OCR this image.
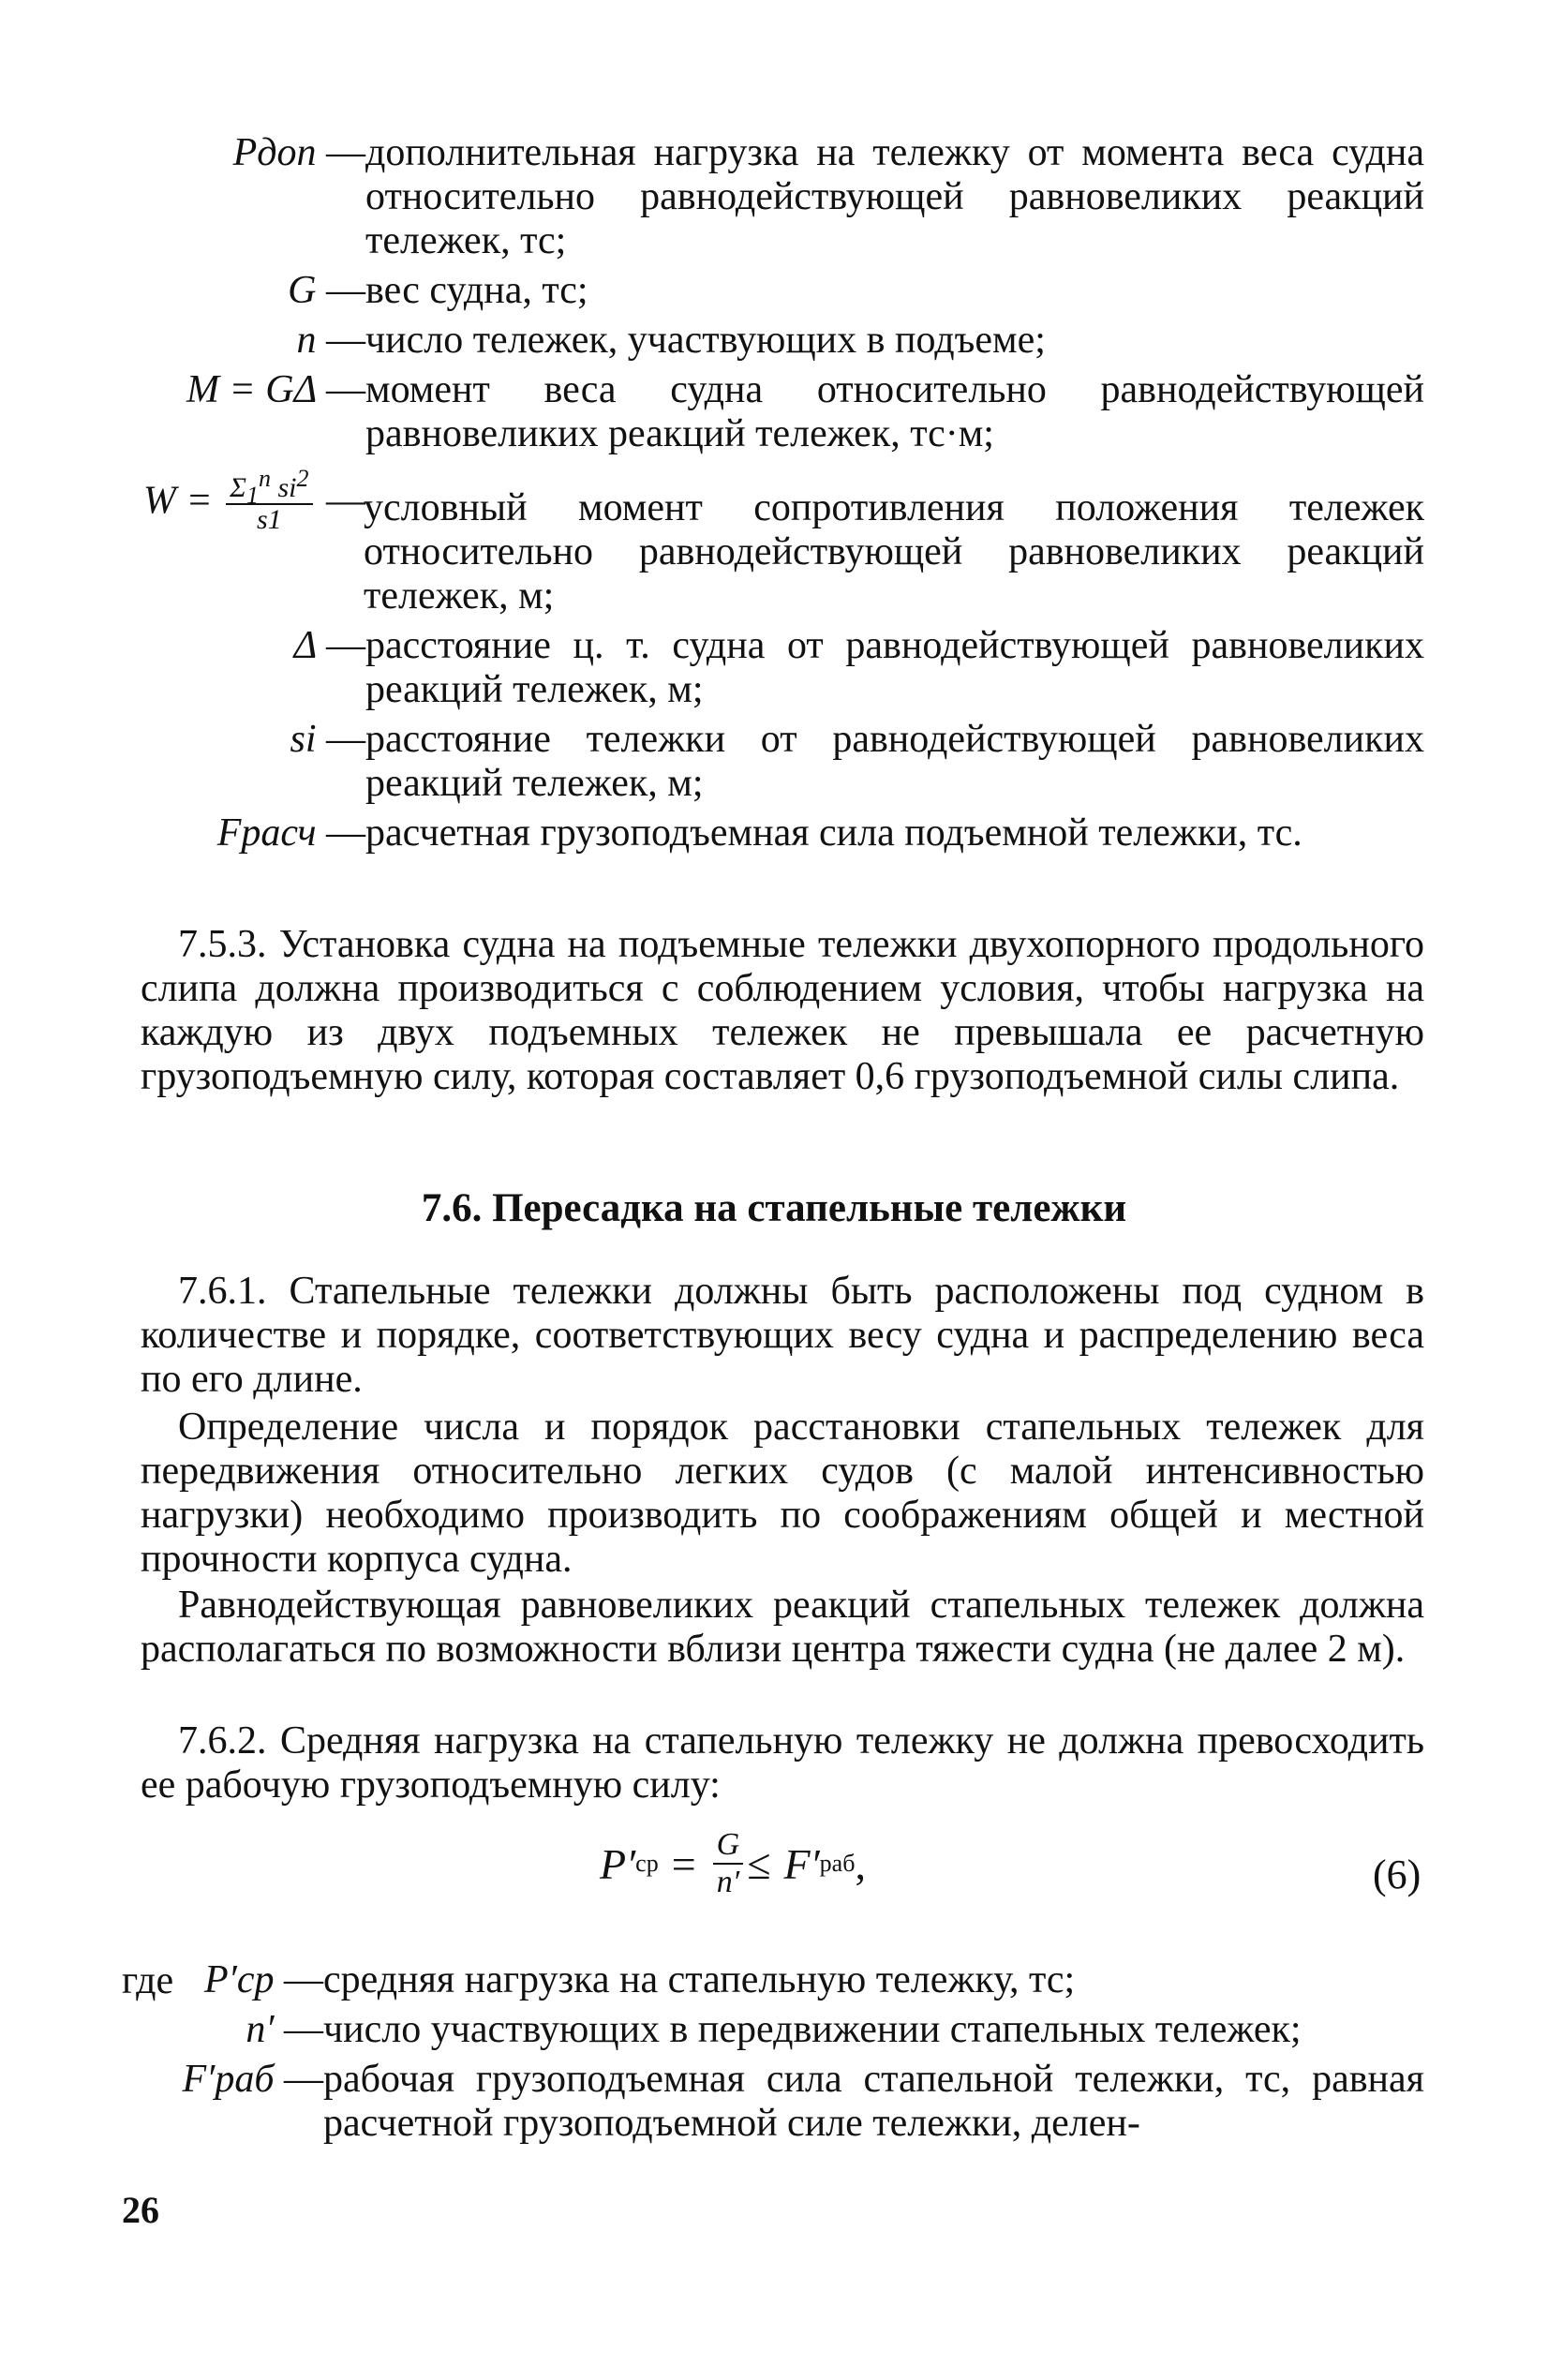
Pдоп — дополнительная нагрузка на тележку от момента веса судна относительно равнодействующей равновеликих реакций тележек, тс;
G — вес судна, тс;
n — число тележек, участвующих в подъеме;
M = GΔ — момент веса судна относительно равнодействующей равновеликих реакций тележек, тс·м;
$W = \frac{\Sigma_1^n si^2}{s1}$ —
условный момент сопротивления положения тележек относительно равнодействующей равновеликих реакций тележек, м;
Δ — расстояние ц. т. судна от равнодействующей равновеликих реакций тележек, м;
si — расстояние тележки от равнодействующей равновеликих реакций тележек, м;
Fрасч — расчетная грузоподъемная сила подъемной тележки, тс.
7.5.3. Установка судна на подъемные тележки двухопорного продольного слипа должна производиться с соблюдением условия, чтобы нагрузка на каждую из двух подъемных тележек не превышала ее расчетную грузоподъемную силу, которая составляет 0,6 грузоподъемной силы слипа.
7.6. Пересадка на стапельные тележки
7.6.1. Стапельные тележки должны быть расположены под судном в количестве и порядке, соответствующих весу судна и распределению веса по его длине.
Определение числа и порядок расстановки стапельных тележек для передвижения относительно легких судов (с малой интенсивностью нагрузки) необходимо производить по соображениям общей и местной прочности корпуса судна.
Равнодействующая равновеликих реакций стапельных тележек должна располагаться по возможности вблизи центра тяжести судна (не далее 2 м).
7.6.2. Средняя нагрузка на стапельную тележку не должна превосходить ее рабочую грузоподъемную силу:
P′ ср = $\frac{G}{n'} \le F'$ раб ,	(6)
где P′ср — средняя нагрузка на стапельную тележку, тс;
n′ — число участвующих в передвижении стапельных тележек;
F′раб — рабочая грузоподъемная сила стапельной тележки, тс, равная расчетной грузоподъемной силе тележки, делен-
26
